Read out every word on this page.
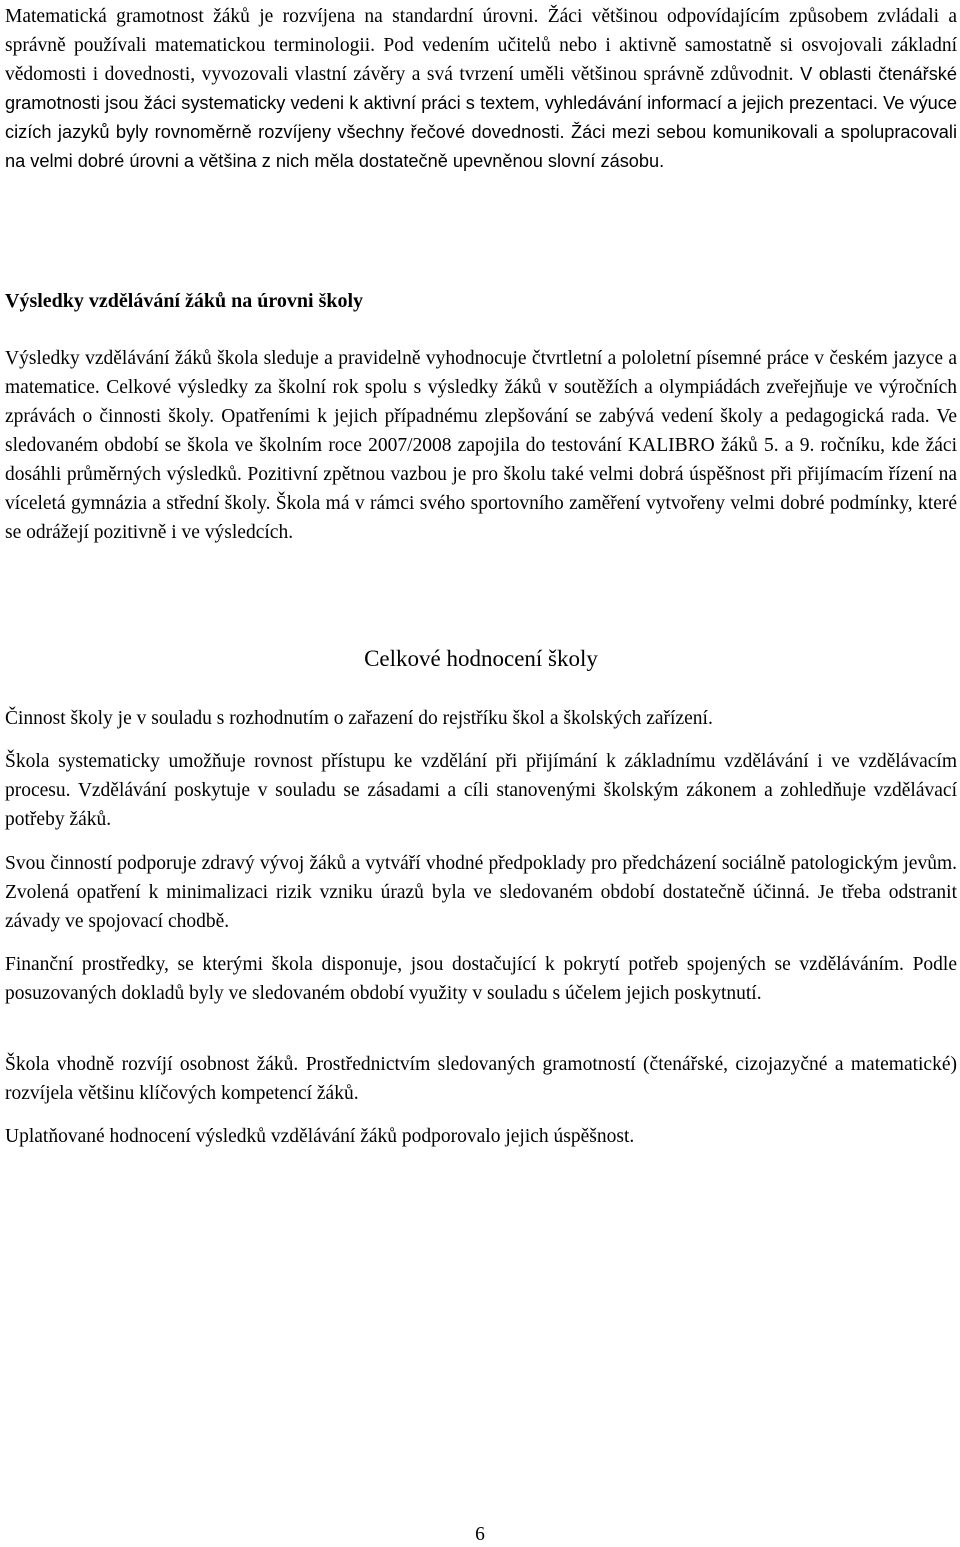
Matematická gramotnost žáků je rozvíjena na standardní úrovni. Žáci většinou odpovídajícím způsobem zvládali a správně používali matematickou terminologii. Pod vedením učitelů nebo i aktivně samostatně si osvojovali základní vědomosti i dovednosti, vyvozovali vlastní závěry a svá tvrzení uměli většinou správně zdůvodnit. V oblasti čtenářské gramotnosti jsou žáci systematicky vedeni k aktivní práci s textem, vyhledávání informací a jejich prezentaci. Ve výuce cizích jazyků byly rovnoměrně rozvíjeny všechny řečové dovednosti. Žáci mezi sebou komunikovali a spolupracovali na velmi dobré úrovni a většina z nich měla dostatečně upevněnou slovní zásobu.

Výsledky vzdělávání žáků na úrovni školy

Výsledky vzdělávání žáků škola sleduje a pravidelně vyhodnocuje čtvrtletní a pololetní písemné práce v českém jazyce a matematice. Celkové výsledky za školní rok spolu s výsledky žáků v soutěžích a olympiádách zveřejňuje ve výročních zprávách o činnosti školy. Opatřeními k jejich případnému zlepšování se zabývá vedení školy a pedagogická rada. Ve sledovaném období se škola ve školním roce 2007/2008 zapojila do testování KALIBRO žáků 5. a 9. ročníku, kde žáci dosáhli průměrných výsledků. Pozitivní zpětnou vazbou je pro školu také velmi dobrá úspěšnost při přijímacím řízení na víceletá gymnázia a střední školy. Škola má v rámci svého sportovního zaměření vytvořeny velmi dobré podmínky, které se odrážejí pozitivně i ve výsledcích.

Celkové hodnocení školy

Činnost školy je v souladu s rozhodnutím o zařazení do rejstříku škol a školských zařízení.

Škola systematicky umožňuje rovnost přístupu ke vzdělání při přijímání k základnímu vzdělávání i ve vzdělávacím procesu. Vzdělávání poskytuje v souladu se zásadami a cíli stanovenými školským zákonem a zohledňuje vzdělávací potřeby žáků.

Svou činností podporuje zdravý vývoj žáků a vytváří vhodné předpoklady pro předcházení sociálně patologickým jevům. Zvolená opatření k minimalizaci rizik vzniku úrazů byla ve sledovaném období dostatečně účinná. Je třeba odstranit závady ve spojovací chodbě.

Finanční prostředky, se kterými škola disponuje, jsou dostačující k pokrytí potřeb spojených se vzděláváním. Podle posuzovaných dokladů byly ve sledovaném období využity v souladu s účelem jejich poskytnutí.

Škola vhodně rozvíjí osobnost žáků. Prostřednictvím sledovaných gramotností (čtenářské, cizojazyčné a matematické) rozvíjela většinu klíčových kompetencí žáků.

Uplatňované hodnocení výsledků vzdělávání žáků podporovalo jejich úspěšnost.

6
